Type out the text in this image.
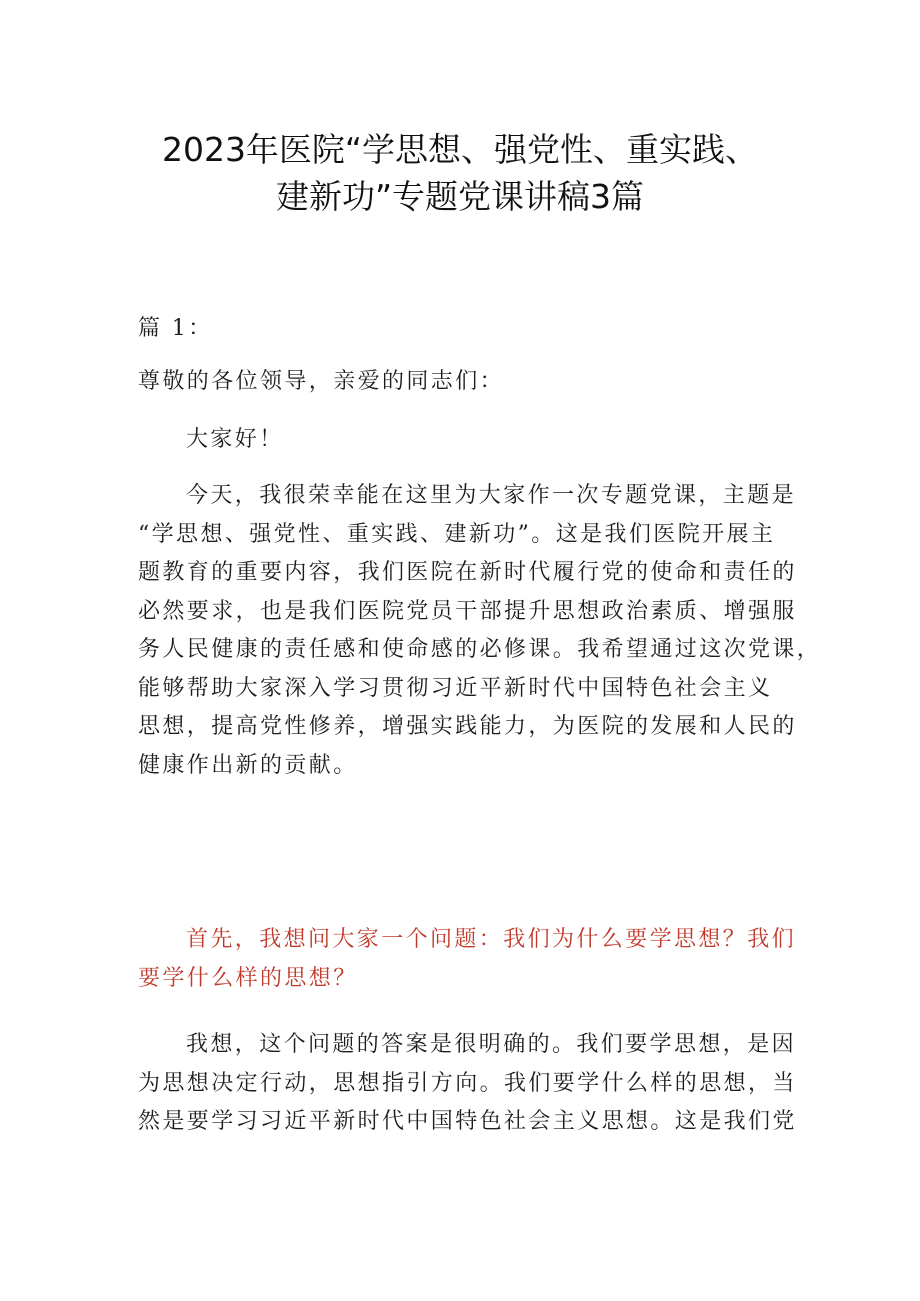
2023年医院“学思想、强党性、重实践、
建新功”专题党课讲稿3篇
篇 1：
尊敬的各位领导，亲爱的同志们：
大家好！
今天，我很荣幸能在这里为大家作一次专题党课，主题是
“学思想、强党性、重实践、建新功”。这是我们医院开展主
题教育的重要内容，我们医院在新时代履行党的使命和责任的
必然要求，也是我们医院党员干部提升思想政治素质、增强服
务人民健康的责任感和使命感的必修课。我希望通过这次党课，
能够帮助大家深入学习贯彻习近平新时代中国特色社会主义
思想，提高党性修养，增强实践能力，为医院的发展和人民的
健康作出新的贡献。
首先，我想问大家一个问题：我们为什么要学思想？我们
要学什么样的思想？
我想，这个问题的答案是很明确的。我们要学思想，是因
为思想决定行动，思想指引方向。我们要学什么样的思想，当
然是要学习习近平新时代中国特色社会主义思想。这是我们党
